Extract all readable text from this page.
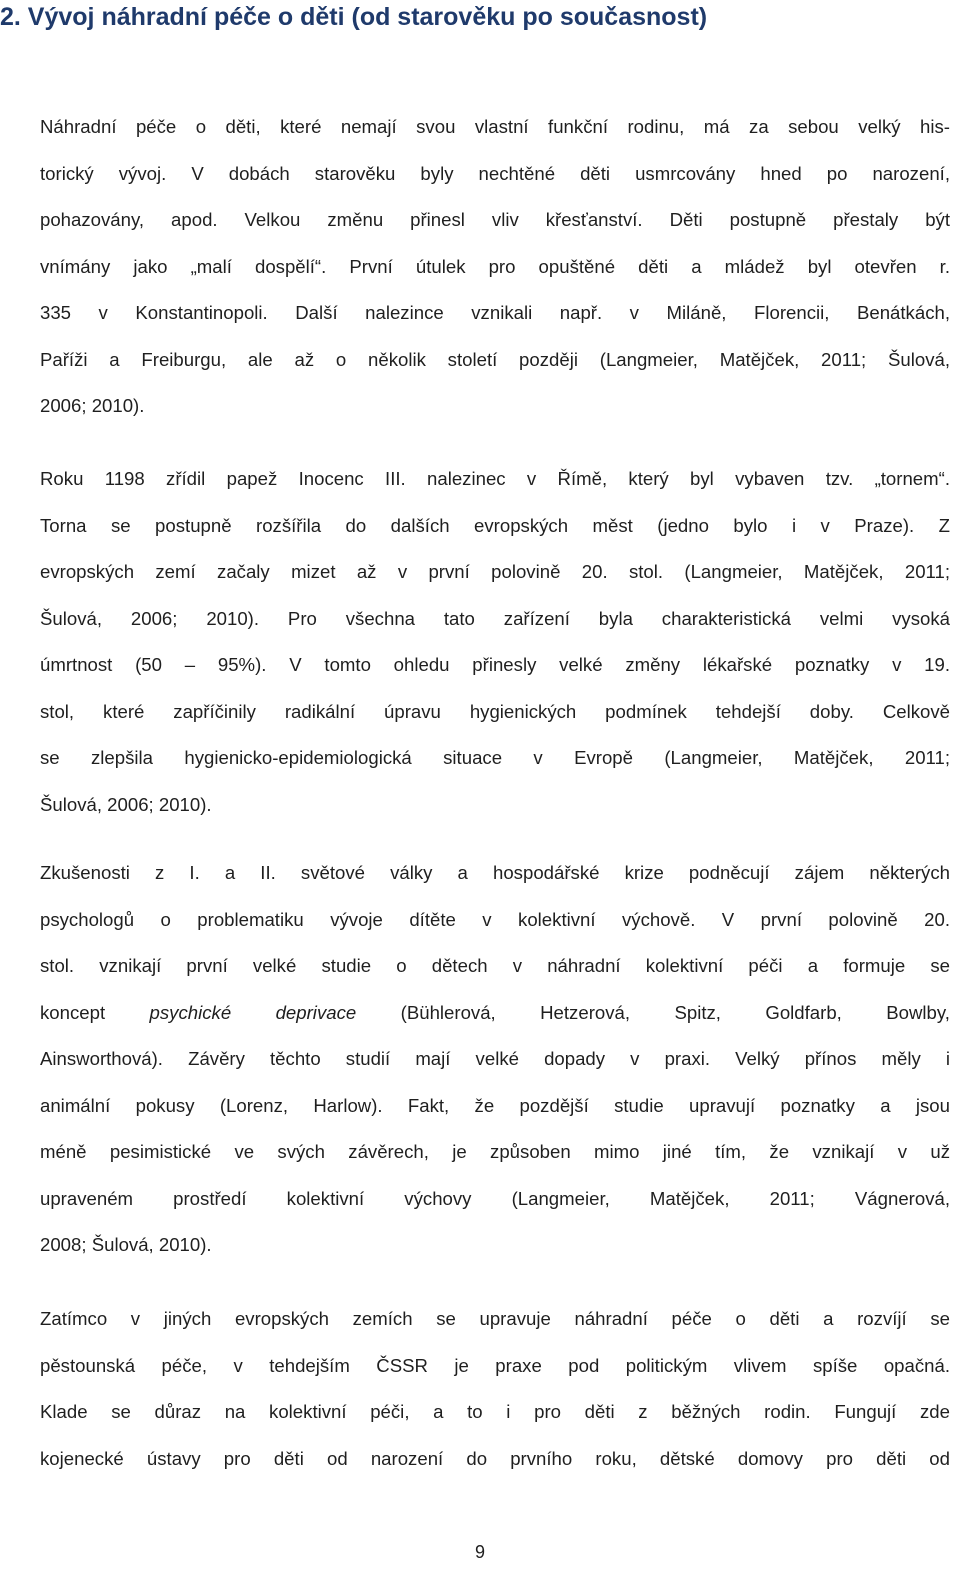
2. Vývoj náhradní péče o děti (od starověku po současnost)
Náhradní péče o děti, které nemají svou vlastní funkční rodinu, má za sebou velký his-
torický vývoj. V dobách starověku byly nechtěné děti usmrcovány hned po narození,
pohazovány, apod. Velkou změnu přinesl vliv křesťanství. Děti postupně přestaly být
vnímány jako „malí dospělí“. První útulek pro opuštěné děti a mládež byl otevřen r.
335 v Konstantinopoli. Další nalezince vznikali např. v Miláně, Florencii, Benátkách,
Paříži a Freiburgu, ale až o několik století později (Langmeier, Matějček, 2011; Šulová,
2006; 2010).
Roku 1198 zřídil papež Inocenc III. nalezinec v Římě, který byl vybaven tzv. „tornem“.
Torna se postupně rozšířila do dalších evropských měst (jedno bylo i v Praze). Z
evropských zemí začaly mizet až v první polovině 20. stol. (Langmeier, Matějček, 2011;
Šulová, 2006; 2010). Pro všechna tato zařízení byla charakteristická velmi vysoká
úmrtnost (50 – 95%). V tomto ohledu přinesly velké změny lékařské poznatky v 19.
stol, které zapříčinily radikální úpravu hygienických podmínek tehdejší doby. Celkově
se zlepšila hygienicko-epidemiologická situace v Evropě (Langmeier, Matějček, 2011;
Šulová, 2006; 2010).
Zkušenosti z I. a II. světové války a hospodářské krize podněcují zájem některých
psychologů o problematiku vývoje dítěte v kolektivní výchově. V první polovině 20.
stol. vznikají první velké studie o dětech v náhradní kolektivní péči a formuje se
koncept psychické deprivace (Bühlerová, Hetzerová, Spitz, Goldfarb, Bowlby,
Ainsworthová). Závěry těchto studií mají velké dopady v praxi. Velký přínos měly i
animální pokusy (Lorenz, Harlow). Fakt, že pozdější studie upravují poznatky a jsou
méně pesimistické ve svých závěrech, je způsoben mimo jiné tím, že vznikají v už
upraveném prostředí kolektivní výchovy (Langmeier, Matějček, 2011; Vágnerová,
2008; Šulová, 2010).
Zatímco v jiných evropských zemích se upravuje náhradní péče o děti a rozvíjí se
pěstounská péče, v tehdejším ČSSR je praxe pod politickým vlivem spíše opačná.
Klade se důraz na kolektivní péči, a to i pro děti z běžných rodin. Fungují zde
kojenecké ústavy pro děti od narození do prvního roku, dětské domovy pro děti od
9
